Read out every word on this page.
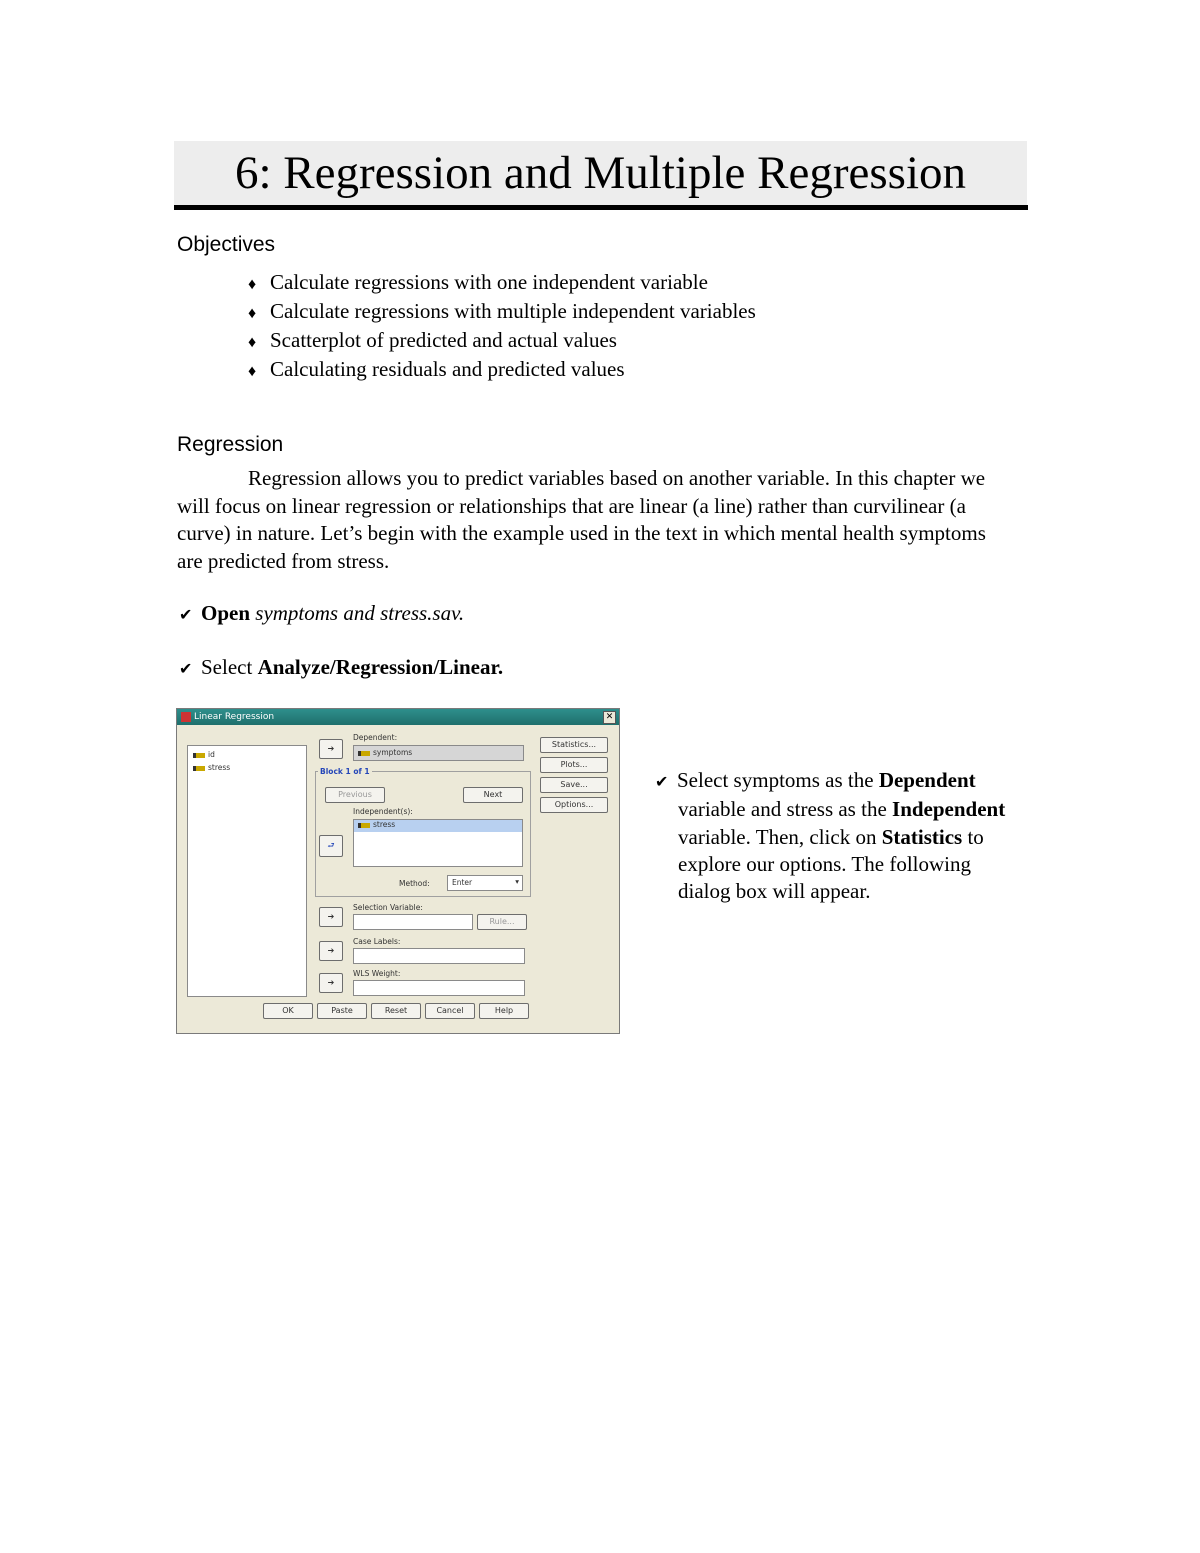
6: Regression and Multiple Regression
Objectives
♦ Calculate regressions with one independent variable
♦ Calculate regressions with multiple independent variables
♦ Scatterplot of predicted and actual values
♦ Calculating residuals and predicted values
Regression
Regression allows you to predict variables based on another variable. In this chapter we will focus on linear regression or relationships that are linear (a line) rather than curvilinear (a curve) in nature. Let’s begin with the example used in the text in which mental health symptoms are predicted from stress.
✔ Open symptoms and stress.sav.
✔ Select Analyze/Regression/Linear.
✔ Select symptoms as the Dependent
variable and stress as the Independent variable. Then, click on Statistics to explore our options. The following dialog box will appear.
Linear Regression	✕
id
stress
➔
Dependent:
symptoms
Block 1 of 1
Previous	Next
Independent(s):
stress
⮐
Method:	Enter	▾
➔
Selection Variable:
Rule...
➔
Case Labels:
➔
WLS Weight:
Statistics...
Plots...
Save...
Options...
OK	Paste	Reset	Cancel	Help
